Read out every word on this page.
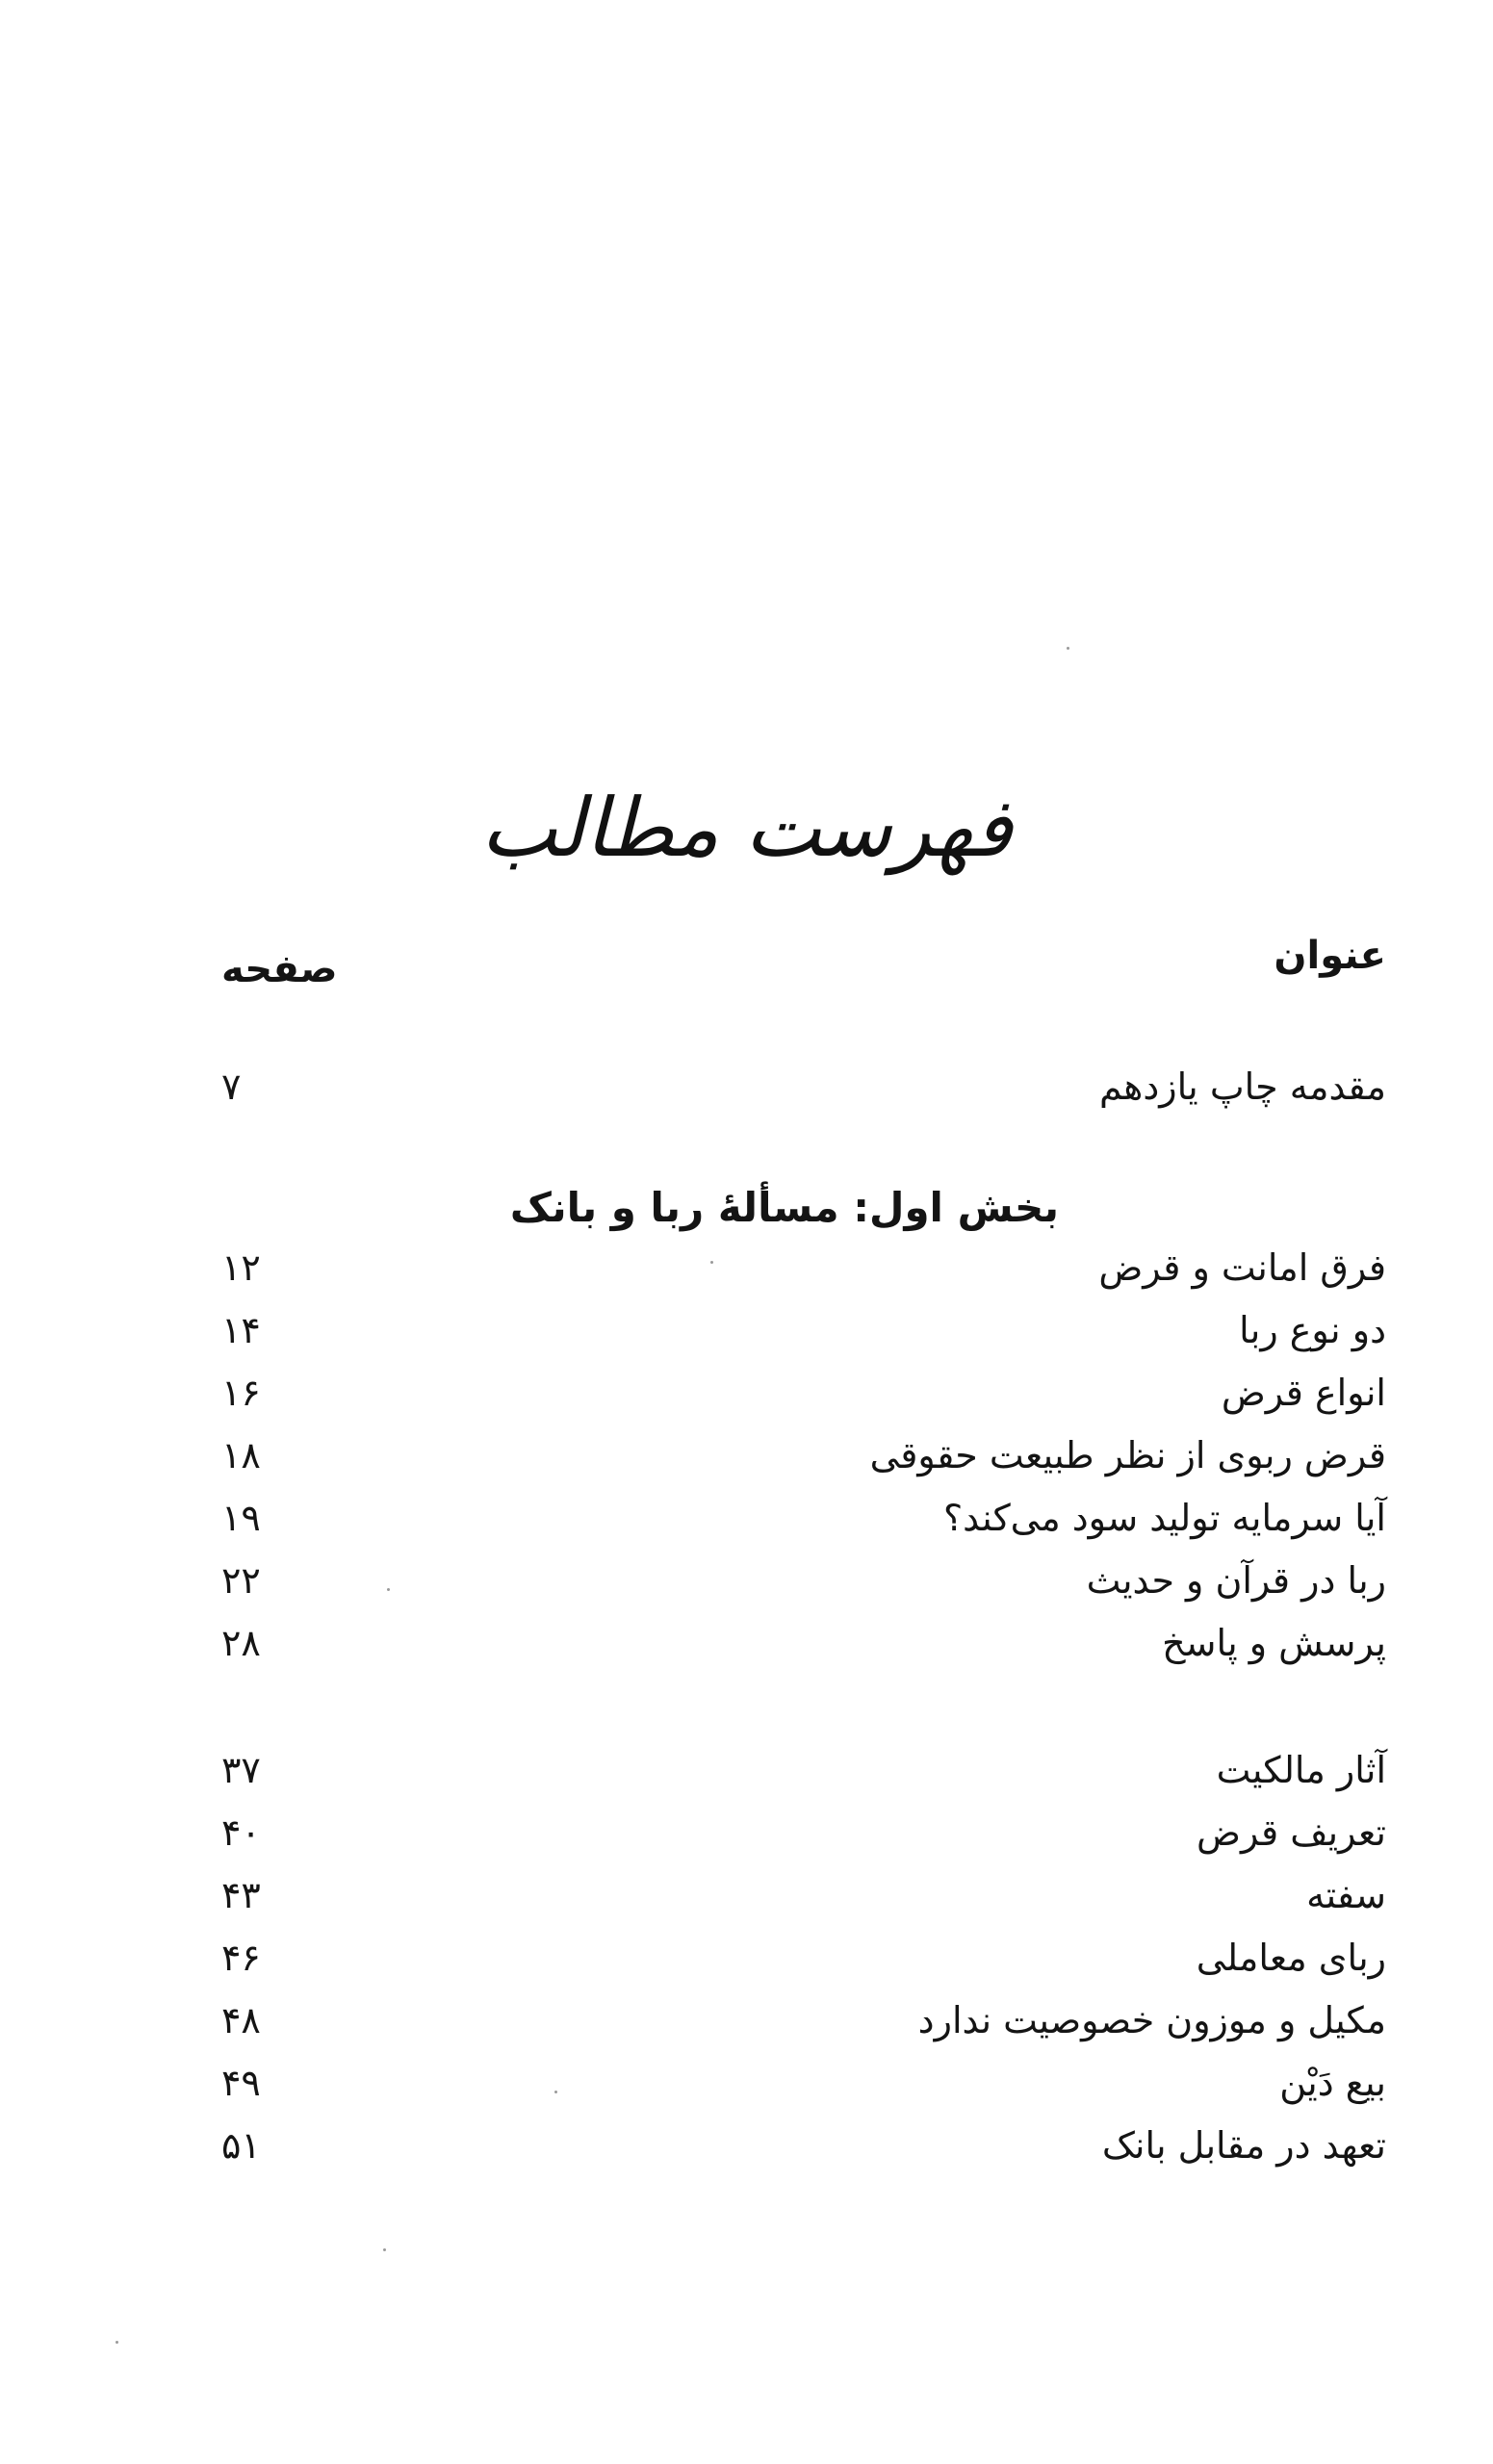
فهرست مطالب
عنوان
صفحه
مقدمه چاپ یازدهم
۷
بخش اول: مسألهٔ ربا و بانک
فرق امانت و قرض
۱۲
دو نوع ربا
۱۴
انواع قرض
۱۶
قرض ربوی از نظر طبیعت حقوقی
۱۸
آیا سرمایه تولید سود می‌کند؟
۱۹
ربا در قرآن و حدیث
۲۲
پرسش و پاسخ
۲۸
آثار مالکیت
۳۷
تعریف قرض
۴۰
سفته
۴۳
ربای معاملی
۴۶
مکیل و موزون خصوصیت ندارد
۴۸
بیع دَیْن
۴۹
تعهد در مقابل بانک
۵۱
